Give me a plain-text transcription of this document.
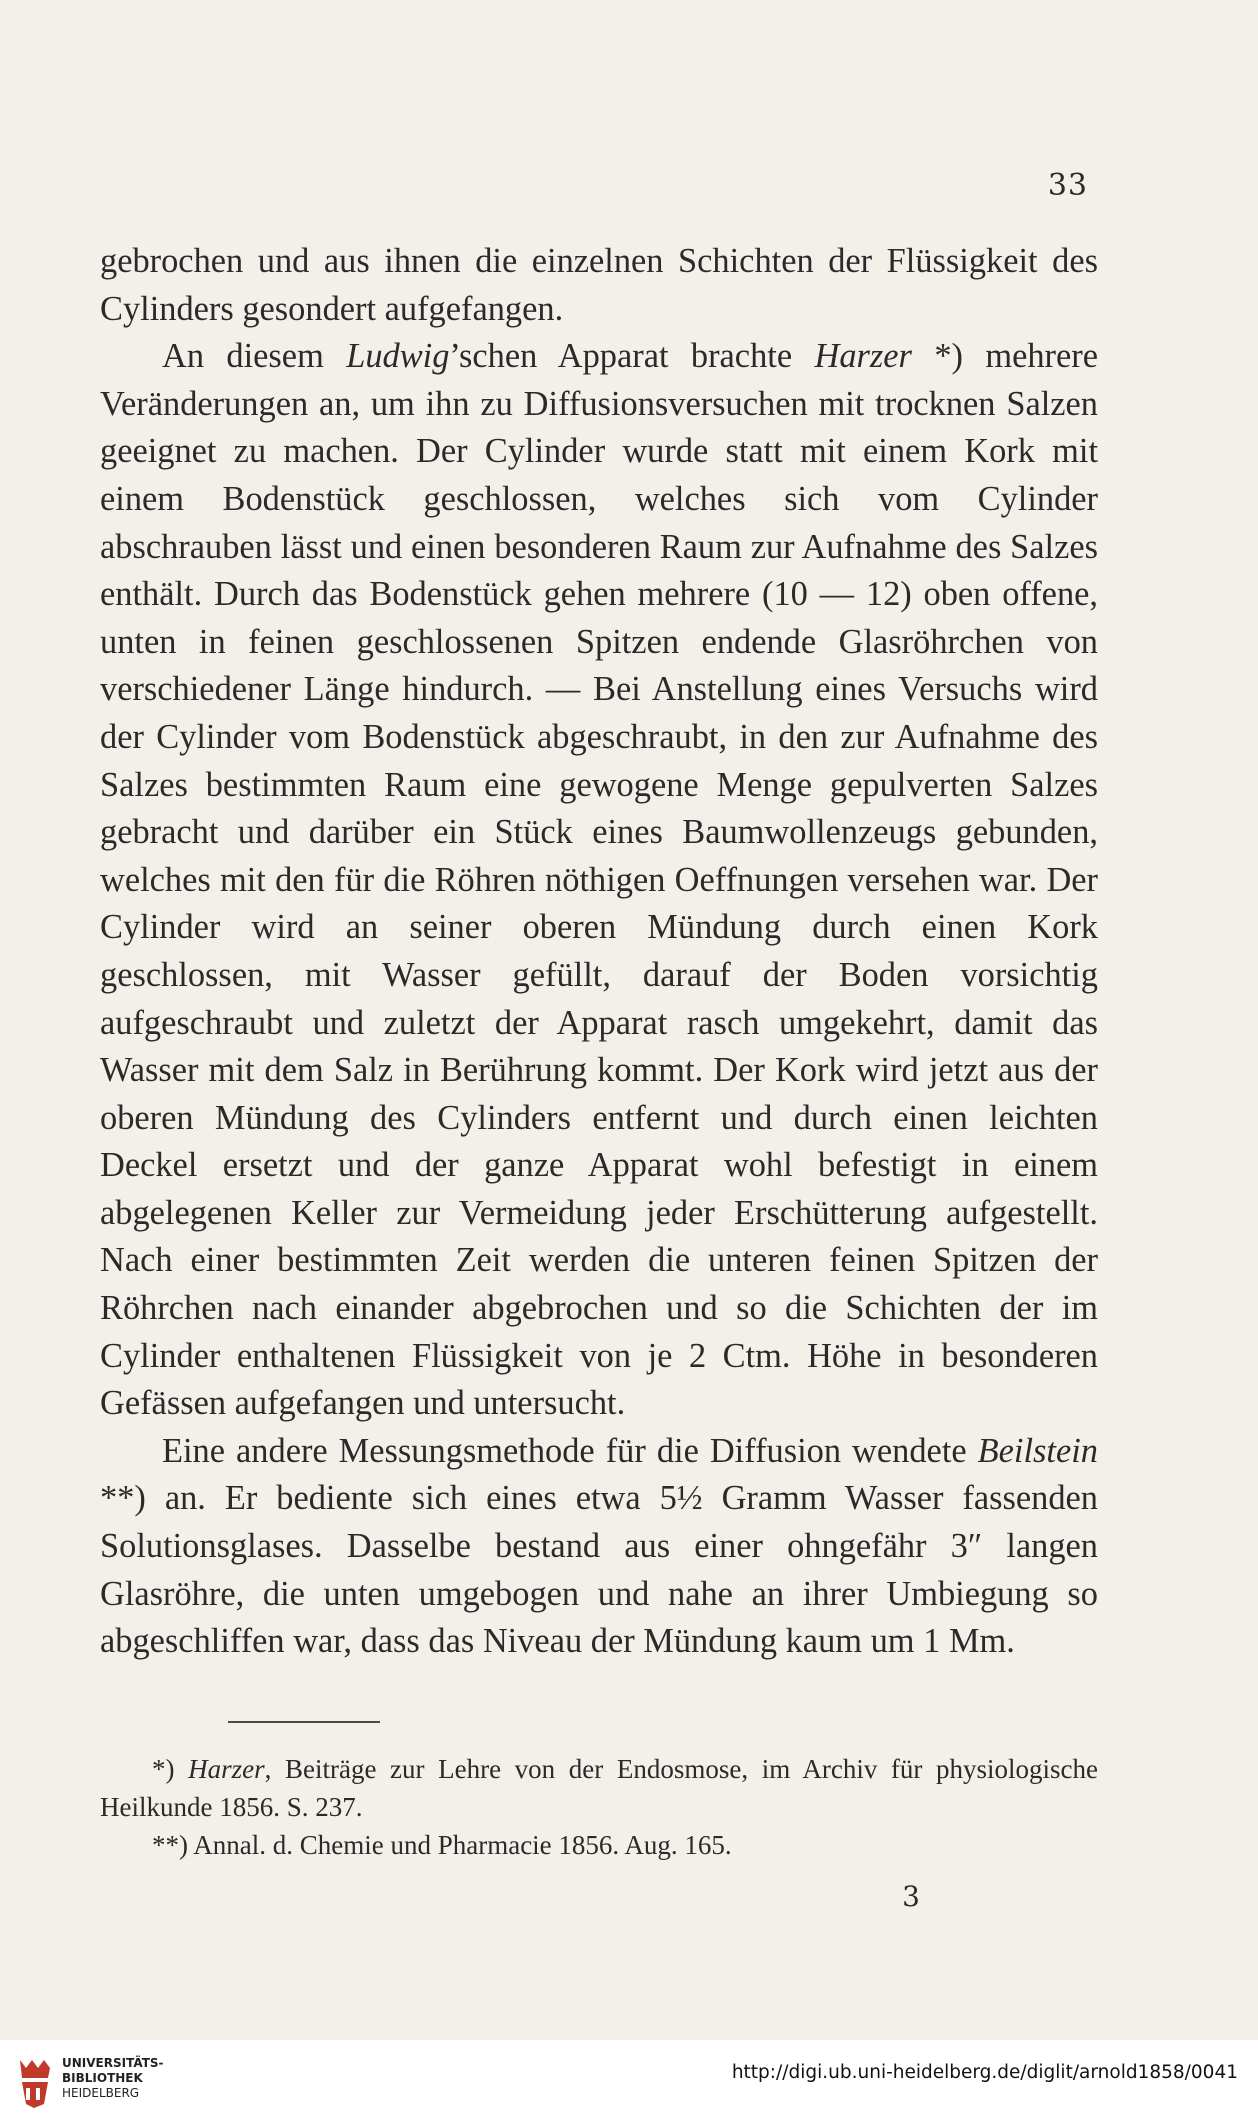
33

gebrochen und aus ihnen die einzelnen Schichten der Flüssigkeit des Cylinders gesondert aufgefangen.

An diesem Ludwig’schen Apparat brachte Harzer *) mehrere Veränderungen an, um ihn zu Diffusionsversuchen mit trocknen Salzen geeignet zu machen. Der Cylinder wurde statt mit einem Kork mit einem Bodenstück geschlossen, welches sich vom Cylinder abschrauben lässt und einen besonderen Raum zur Aufnahme des Salzes enthält. Durch das Bodenstück gehen mehrere (10 — 12) oben offene, unten in feinen geschlossenen Spitzen endende Glasröhrchen von verschiedener Länge hindurch. — Bei Anstellung eines Versuchs wird der Cylinder vom Bodenstück abgeschraubt, in den zur Aufnahme des Salzes bestimmten Raum eine gewogene Menge gepulverten Salzes gebracht und darüber ein Stück eines Baumwollenzeugs gebunden, welches mit den für die Röhren nöthigen Oeffnungen versehen war. Der Cylinder wird an seiner oberen Mündung durch einen Kork geschlossen, mit Wasser gefüllt, darauf der Boden vorsichtig aufgeschraubt und zuletzt der Apparat rasch umgekehrt, damit das Wasser mit dem Salz in Berührung kommt. Der Kork wird jetzt aus der oberen Mündung des Cylinders entfernt und durch einen leichten Deckel ersetzt und der ganze Apparat wohl befestigt in einem abgelegenen Keller zur Vermeidung jeder Erschütterung aufgestellt. Nach einer bestimmten Zeit werden die unteren feinen Spitzen der Röhrchen nach einander abgebrochen und so die Schichten der im Cylinder enthaltenen Flüssigkeit von je 2 Ctm. Höhe in besonderen Gefässen aufgefangen und untersucht.

Eine andere Messungsmethode für die Diffusion wendete Beilstein **) an. Er bediente sich eines etwa 5½ Gramm Wasser fassenden Solutionsglases. Dasselbe bestand aus einer ohngefähr 3″ langen Glasröhre, die unten umgebogen und nahe an ihrer Umbiegung so abgeschliffen war, dass das Niveau der Mündung kaum um 1 Mm.

*) Harzer, Beiträge zur Lehre von der Endosmose, im Archiv für physiologische Heilkunde 1856. S. 237.

**) Annal. d. Chemie und Pharmacie 1856. Aug. 165.

3
UNIVERSITÄTS-
BIBLIOTHEK
HEIDELBERG
http://digi.ub.uni-heidelberg.de/diglit/arnold1858/0041
